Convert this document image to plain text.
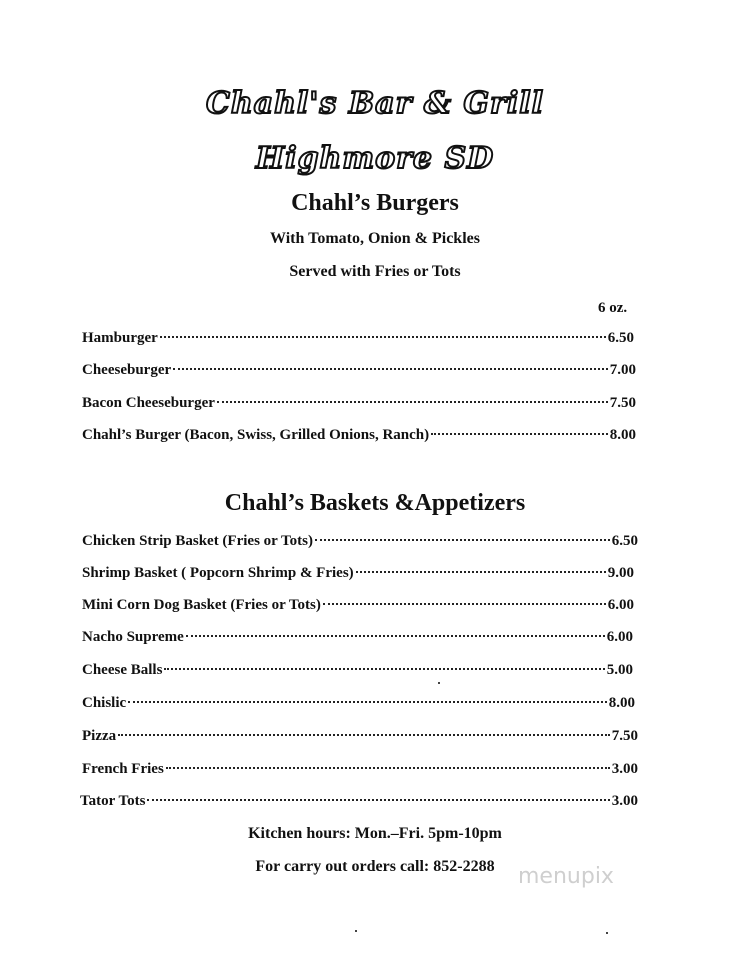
Chahl's Bar & Grill
Highmore SD
Chahl’s Burgers
With Tomato, Onion & Pickles
Served with Fries or Tots
6 oz.
Hamburger	6.50
Cheeseburger	7.00
Bacon Cheeseburger	7.50
Chahl’s Burger (Bacon, Swiss, Grilled Onions, Ranch)	8.00
Chahl’s Baskets &Appetizers
Chicken Strip Basket (Fries or Tots)	6.50
Shrimp Basket ( Popcorn Shrimp & Fries)	9.00
Mini Corn Dog Basket (Fries or Tots)	6.00
Nacho Supreme	6.00
Cheese Balls	5.00
Chislic	8.00
Pizza	7.50
French Fries	3.00
Tator Tots	3.00
Kitchen hours: Mon.–Fri. 5pm-10pm
For carry out orders call: 852-2288	menupix
